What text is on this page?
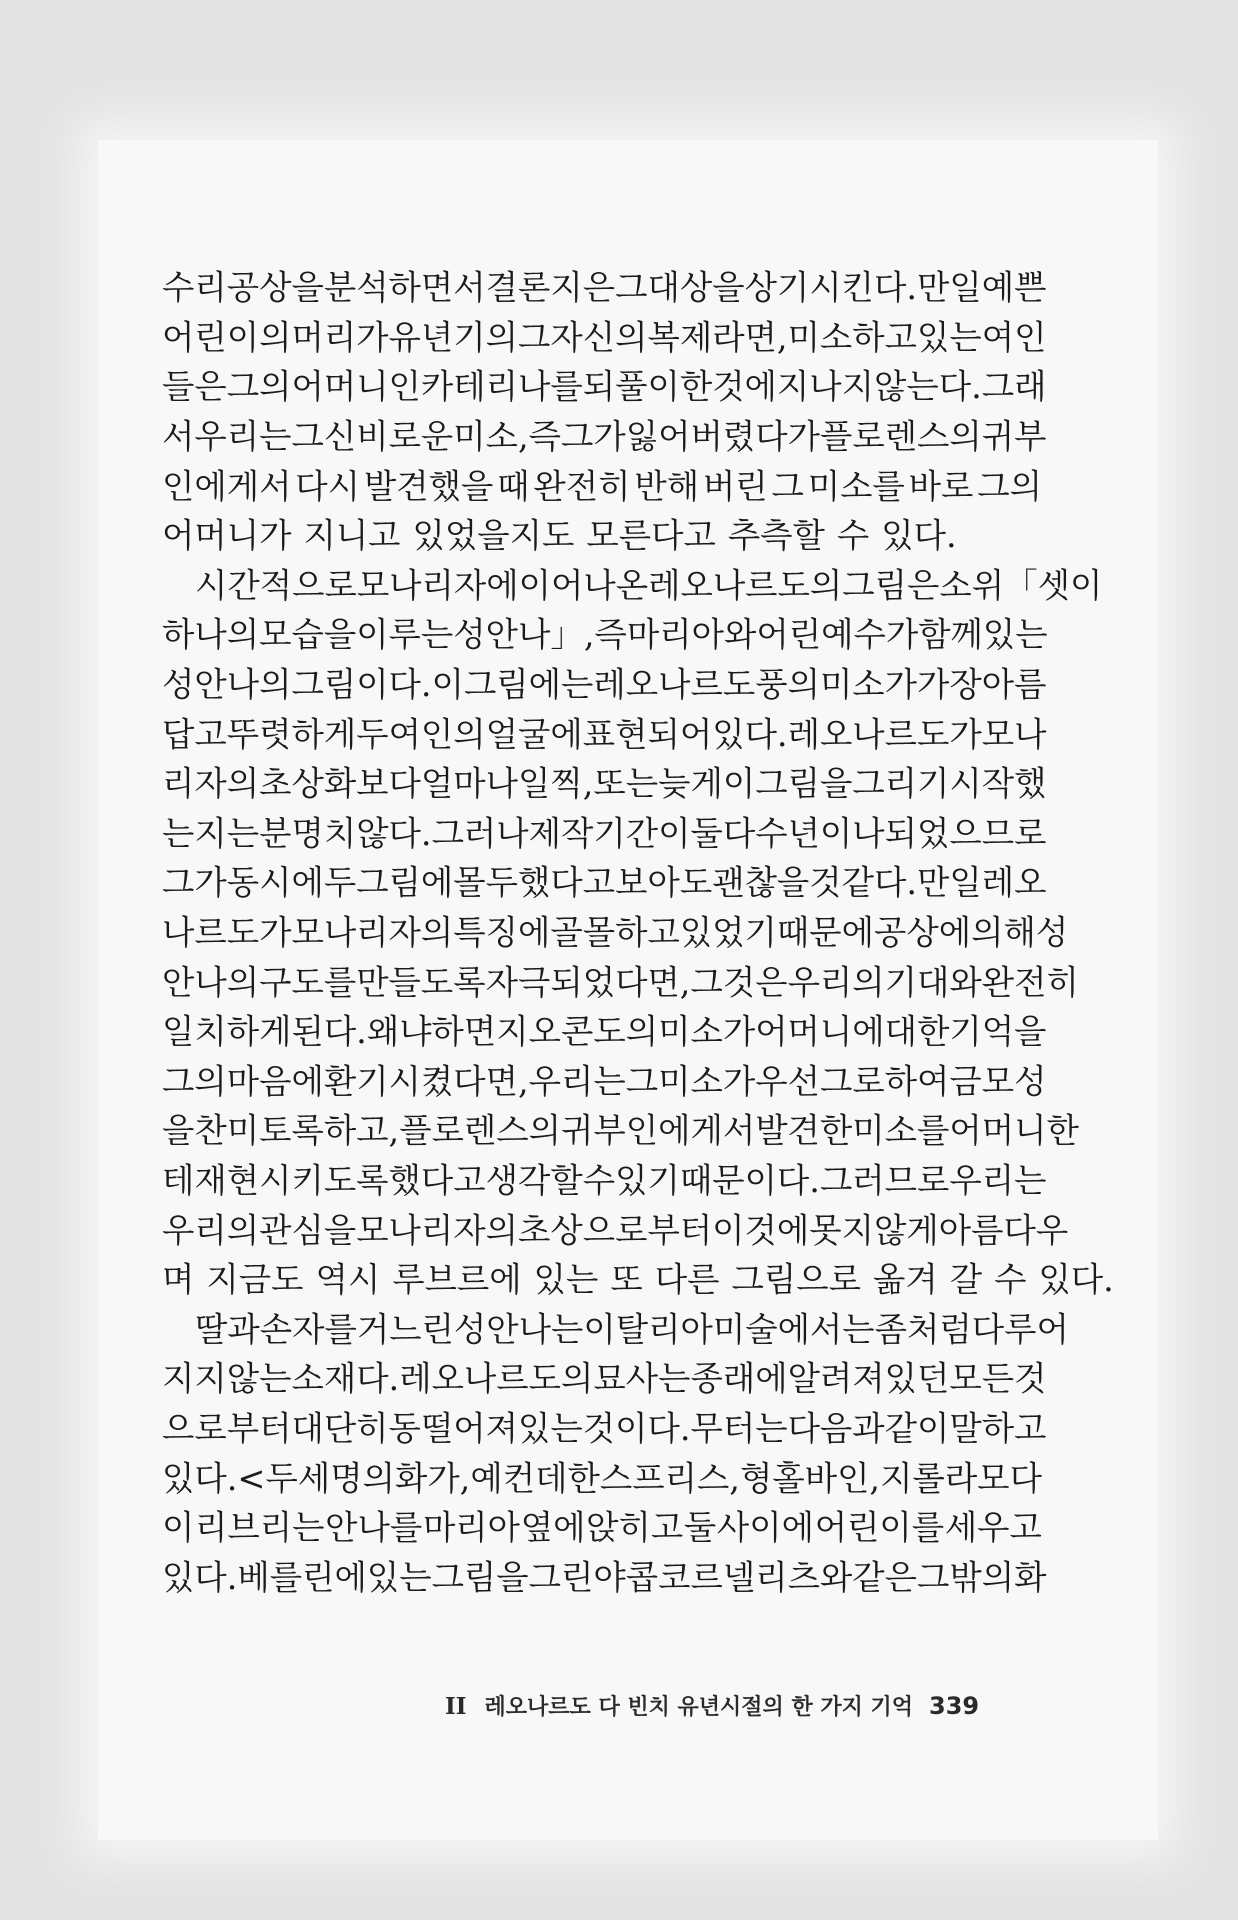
수리 공상을 분석하면서 결론지은 그 대상을 상기시킨다. 만일 예쁜
어린이의 머리가 유년기의 그 자신의 복제라면, 미소하고 있는 여인
들은 그의 어머니인 카테리나를 되풀이한 것에 지나지 않는다. 그래
서 우리는 그 신비로운 미소, 즉 그가 잃어버렸다가 플로렌스의 귀부
인에게서 다시 발견했을 때 완전히 반해 버린 그 미소를 바로 그의
어머니가 지니고 있었을지도 모른다고 추측할 수 있다.
시간적으로 모나리자에 이어 나온 레오나르도의 그림은 소위 「셋이
하나의 모습을 이루는 성 안나」, 즉 마리아와 어린 예수가 함께 있는
성 안나의 그림이다. 이 그림에는 레오나르도 풍의 미소가 가장 아름
답고 뚜렷하게 두 여인의 얼굴에 표현되어 있다. 레오나르도가 모나
리자의 초상화보다 얼마나 일찍, 또는 늦게 이 그림을 그리기 시작했
는지는 분명치 않다. 그러나 제작기간이 둘다 수년이나 되었으므로
그가 동시에 두 그림에 몰두했다고 보아도 괜찮을 것 같다. 만일 레오
나르도가 모나리자의 특징에 골몰하고 있었기 때문에 공상에 의해 성
안나의 구도를 만들도록 자극되었다면, 그것은 우리의 기대와 완전히
일치하게 된다. 왜냐하면 지오콘도의 미소가 어머니에 대한 기억을
그의 마음에 환기시켰다면, 우리는 그 미소가 우선 그로 하여금 모성
을 찬미토록 하고, 플로렌스의 귀부인에게서 발견한 미소를 어머니한
테 재현시키도록 했다고 생각할 수 있기 때문이다. 그러므로 우리는
우리의 관심을 모나리자의 초상으로부터 이것에 못지 않게 아름다우
며 지금도 역시 루브르에 있는 또 다른 그림으로 옮겨 갈 수 있다.
딸과 손자를 거느린 성 안나는 이탈리아 미술에서는 좀처럼 다루어
지지 않는 소재다. 레오나르도의 묘사는 종래에 알려져 있던 모든 것
으로부터 대단히 동떨어져 있는 것이다. 무터는 다음과 같이 말하고
있다. <두세 명의 화가, 예컨데 한스 프리스, 형 홀바인, 지롤라모 다
이 리브리는 안나를 마리아 옆에 앉히고 둘 사이에 어린이를 세우고
있다. 베를린에 있는 그림을 그린 야콥 코르넬리츠와 같은 그밖의 화
II 레오나르도 다 빈치 유년시절의 한 가지 기억 339
